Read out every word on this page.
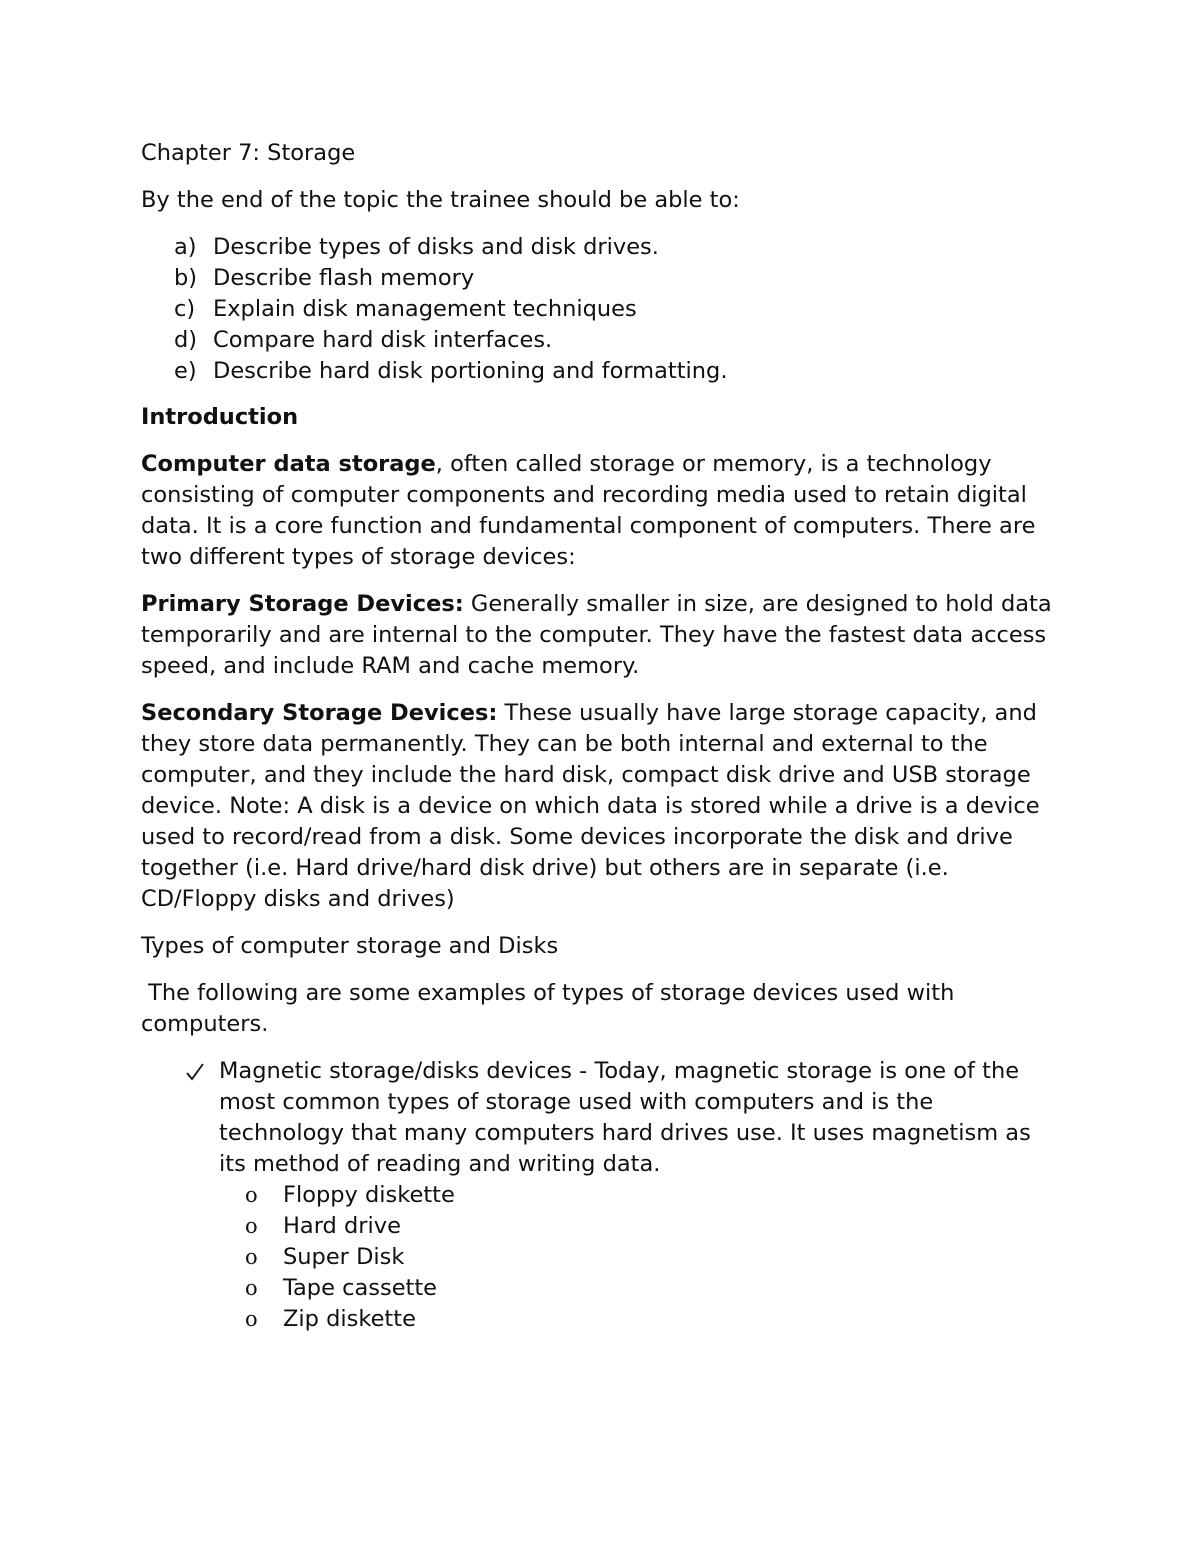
Chapter 7: Storage

By the end of the topic the trainee should be able to:

a) Describe types of disks and disk drives.
b) Describe flash memory
c) Explain disk management techniques
d) Compare hard disk interfaces.
e) Describe hard disk portioning and formatting.

Introduction

Computer data storage, often called storage or memory, is a technology consisting of computer components and recording media used to retain digital data. It is a core function and fundamental component of computers. There are two different types of storage devices:

Primary Storage Devices: Generally smaller in size, are designed to hold data temporarily and are internal to the computer. They have the fastest data access speed, and include RAM and cache memory.

Secondary Storage Devices: These usually have large storage capacity, and they store data permanently. They can be both internal and external to the computer, and they include the hard disk, compact disk drive and USB storage device. Note: A disk is a device on which data is stored while a drive is a device used to record/read from a disk. Some devices incorporate the disk and drive together (i.e. Hard drive/hard disk drive) but others are in separate (i.e. CD/Floppy disks and drives)

Types of computer storage and Disks

The following are some examples of types of storage devices used with computers.

Magnetic storage/disks devices - Today, magnetic storage is one of the most common types of storage used with computers and is the technology that many computers hard drives use. It uses magnetism as its method of reading and writing data.
o Floppy diskette
o Hard drive
o Super Disk
o Tape cassette
o Zip diskette
